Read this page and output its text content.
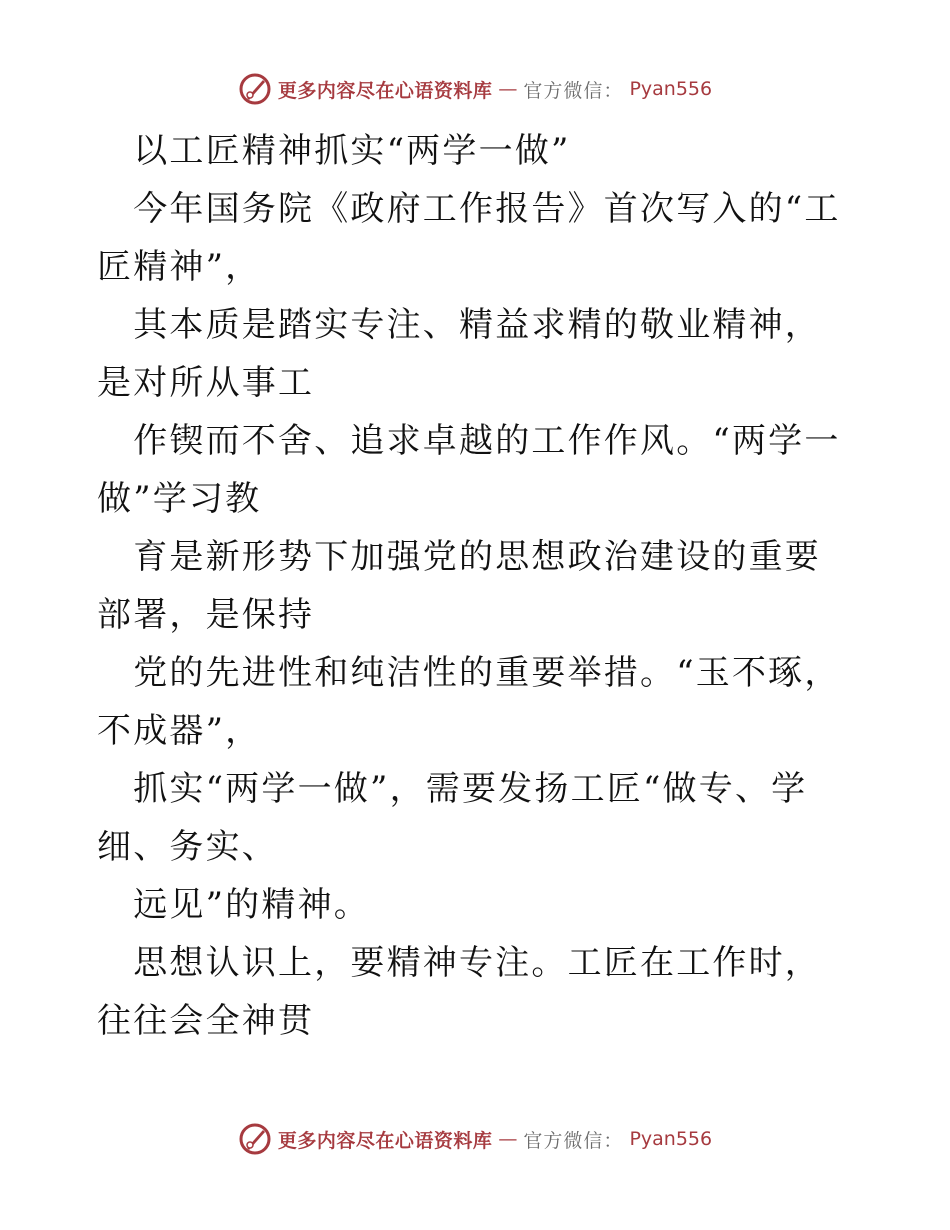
更多内容尽在心语资料库 — 官方微信： Pyan556

　以工匠精神抓实“两学一做”

　今年国务院《政府工作报告》首次写入的“工匠精神”，

　其本质是踏实专注、精益求精的敬业精神，是对所从事工

　作锲而不舍、追求卓越的工作作风。“两学一做”学习教

　育是新形势下加强党的思想政治建设的重要部署，是保持

　党的先进性和纯洁性的重要举措。“玉不琢，不成器”，

　抓实“两学一做”，需要发扬工匠“做专、学细、务实、

　远见”的精神。

　思想认识上，要精神专注。工匠在工作时，往往会全神贯

更多内容尽在心语资料库 — 官方微信： Pyan556
